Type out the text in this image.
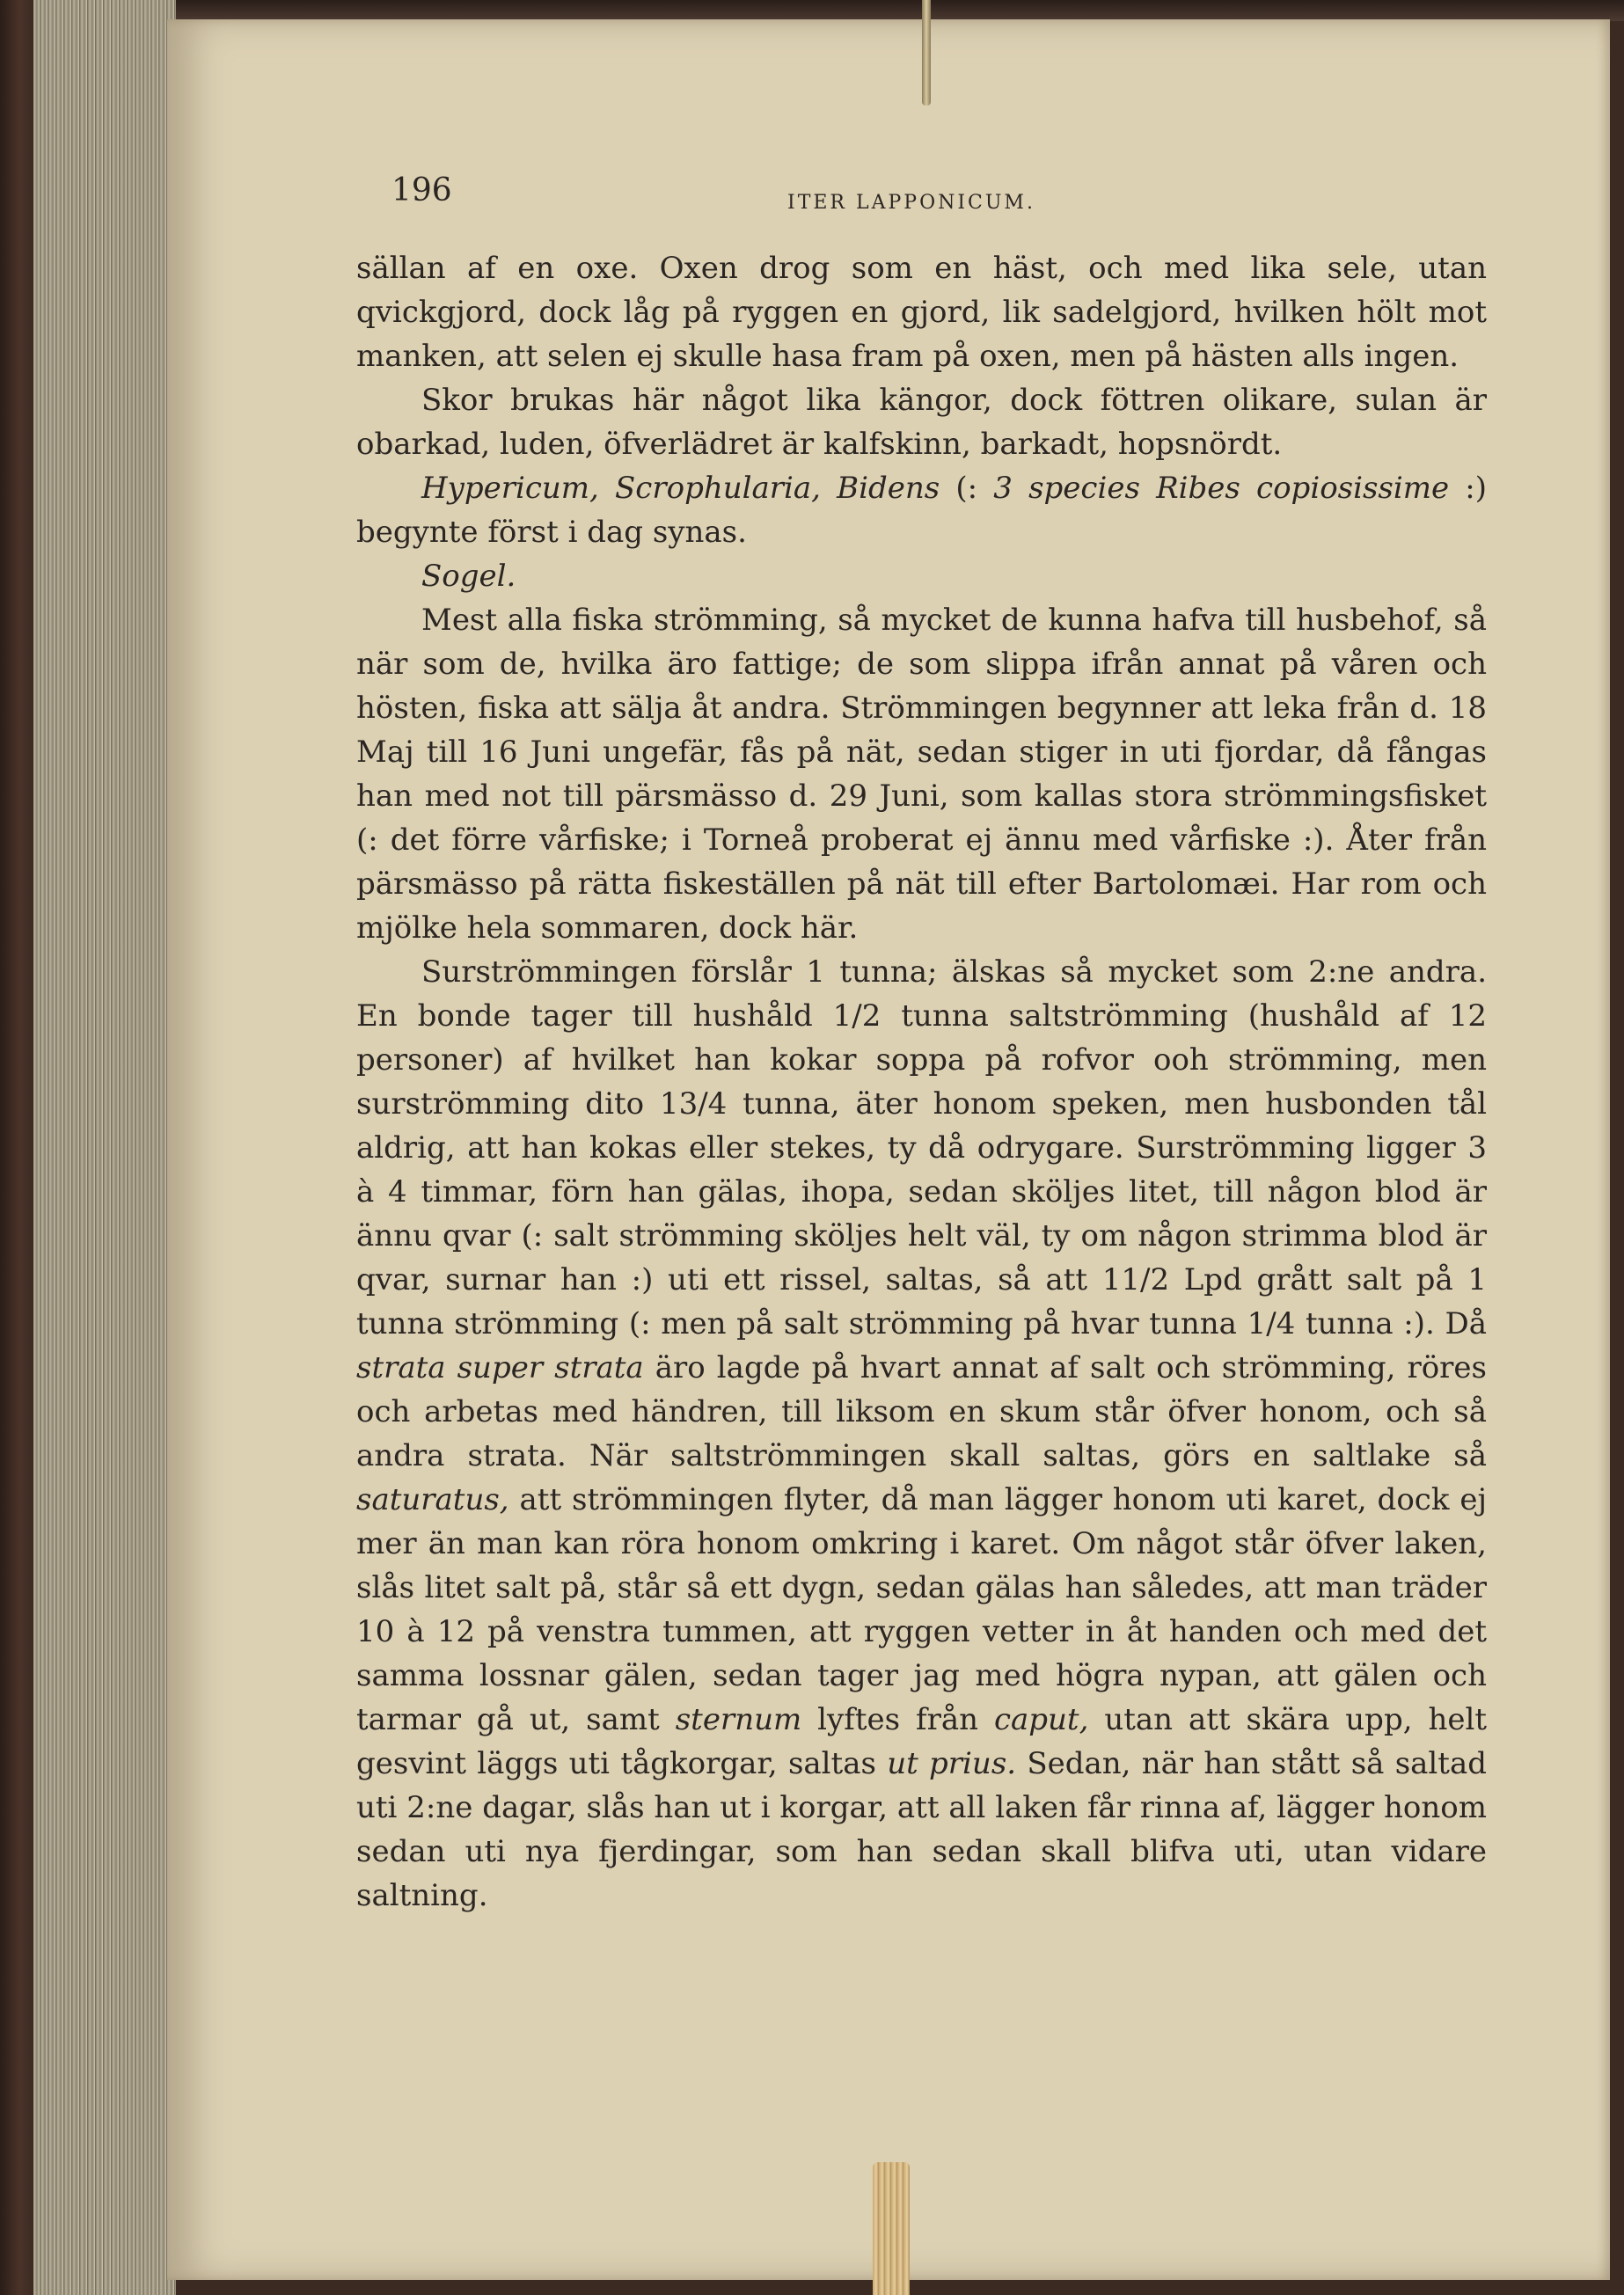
196	ITER LAPPONICUM.

sällan af en oxe. Oxen drog som en häst, och med lika sele, utan qvickgjord, dock låg på ryggen en gjord, lik sadelgjord, hvilken hölt mot manken, att selen ej skulle hasa fram på oxen, men på hästen alls ingen.

Skor brukas här något lika kängor, dock föttren olikare, sulan är obarkad, luden, öfverlädret är kalfskinn, barkadt, hopsnördt.

Hypericum, Scrophularia, Bidens (: 3 species Ribes copiosissime :) begynte först i dag synas.

Sogel.

Mest alla fiska strömming, så mycket de kunna hafva till husbehof, så när som de, hvilka äro fattige; de som slippa ifrån annat på våren och hösten, fiska att sälja åt andra. Strömmingen begynner att leka från d. 18 Maj till 16 Juni ungefär, fås på nät, sedan stiger in uti fjordar, då fångas han med not till pärsmässo d. 29 Juni, som kallas stora strömmingsfisket (: det förre vårfiske; i Torneå proberat ej ännu med vårfiske :). Åter från pärsmässo på rätta fiskeställen på nät till efter Bartolomæi. Har rom och mjölke hela sommaren, dock här.

Surströmmingen förslår 1 tunna; älskas så mycket som 2:ne andra. En bonde tager till hushåld 1/2 tunna saltströmming (hushåld af 12 personer) af hvilket han kokar soppa på rofvor ooh strömming, men surströmming dito 13/4 tunna, äter honom speken, men husbonden tål aldrig, att han kokas eller stekes, ty då odrygare. Surströmming ligger 3 à 4 timmar, förn han gälas, ihopa, sedan sköljes litet, till någon blod är ännu qvar (: salt strömming sköljes helt väl, ty om någon strimma blod är qvar, surnar han :) uti ett rissel, saltas, så att 11/2 Lpd grått salt på 1 tunna strömming (: men på salt strömming på hvar tunna 1/4 tunna :). Då strata super strata äro lagde på hvart annat af salt och strömming, röres och arbetas med händren, till liksom en skum står öfver honom, och så andra strata. När saltströmmingen skall saltas, görs en saltlake så saturatus, att strömmingen flyter, då man lägger honom uti karet, dock ej mer än man kan röra honom omkring i karet. Om något står öfver laken, slås litet salt på, står så ett dygn, sedan gälas han således, att man träder 10 à 12 på venstra tummen, att ryggen vetter in åt handen och med det samma lossnar gälen, sedan tager jag med högra nypan, att gälen och tarmar gå ut, samt sternum lyftes från caput, utan att skära upp, helt gesvint läggs uti tågkorgar, saltas ut prius. Sedan, när han stått så saltad uti 2:ne dagar, slås han ut i korgar, att all laken får rinna af, lägger honom sedan uti nya fjerdingar, som han sedan skall blifva uti, utan vidare saltning.
